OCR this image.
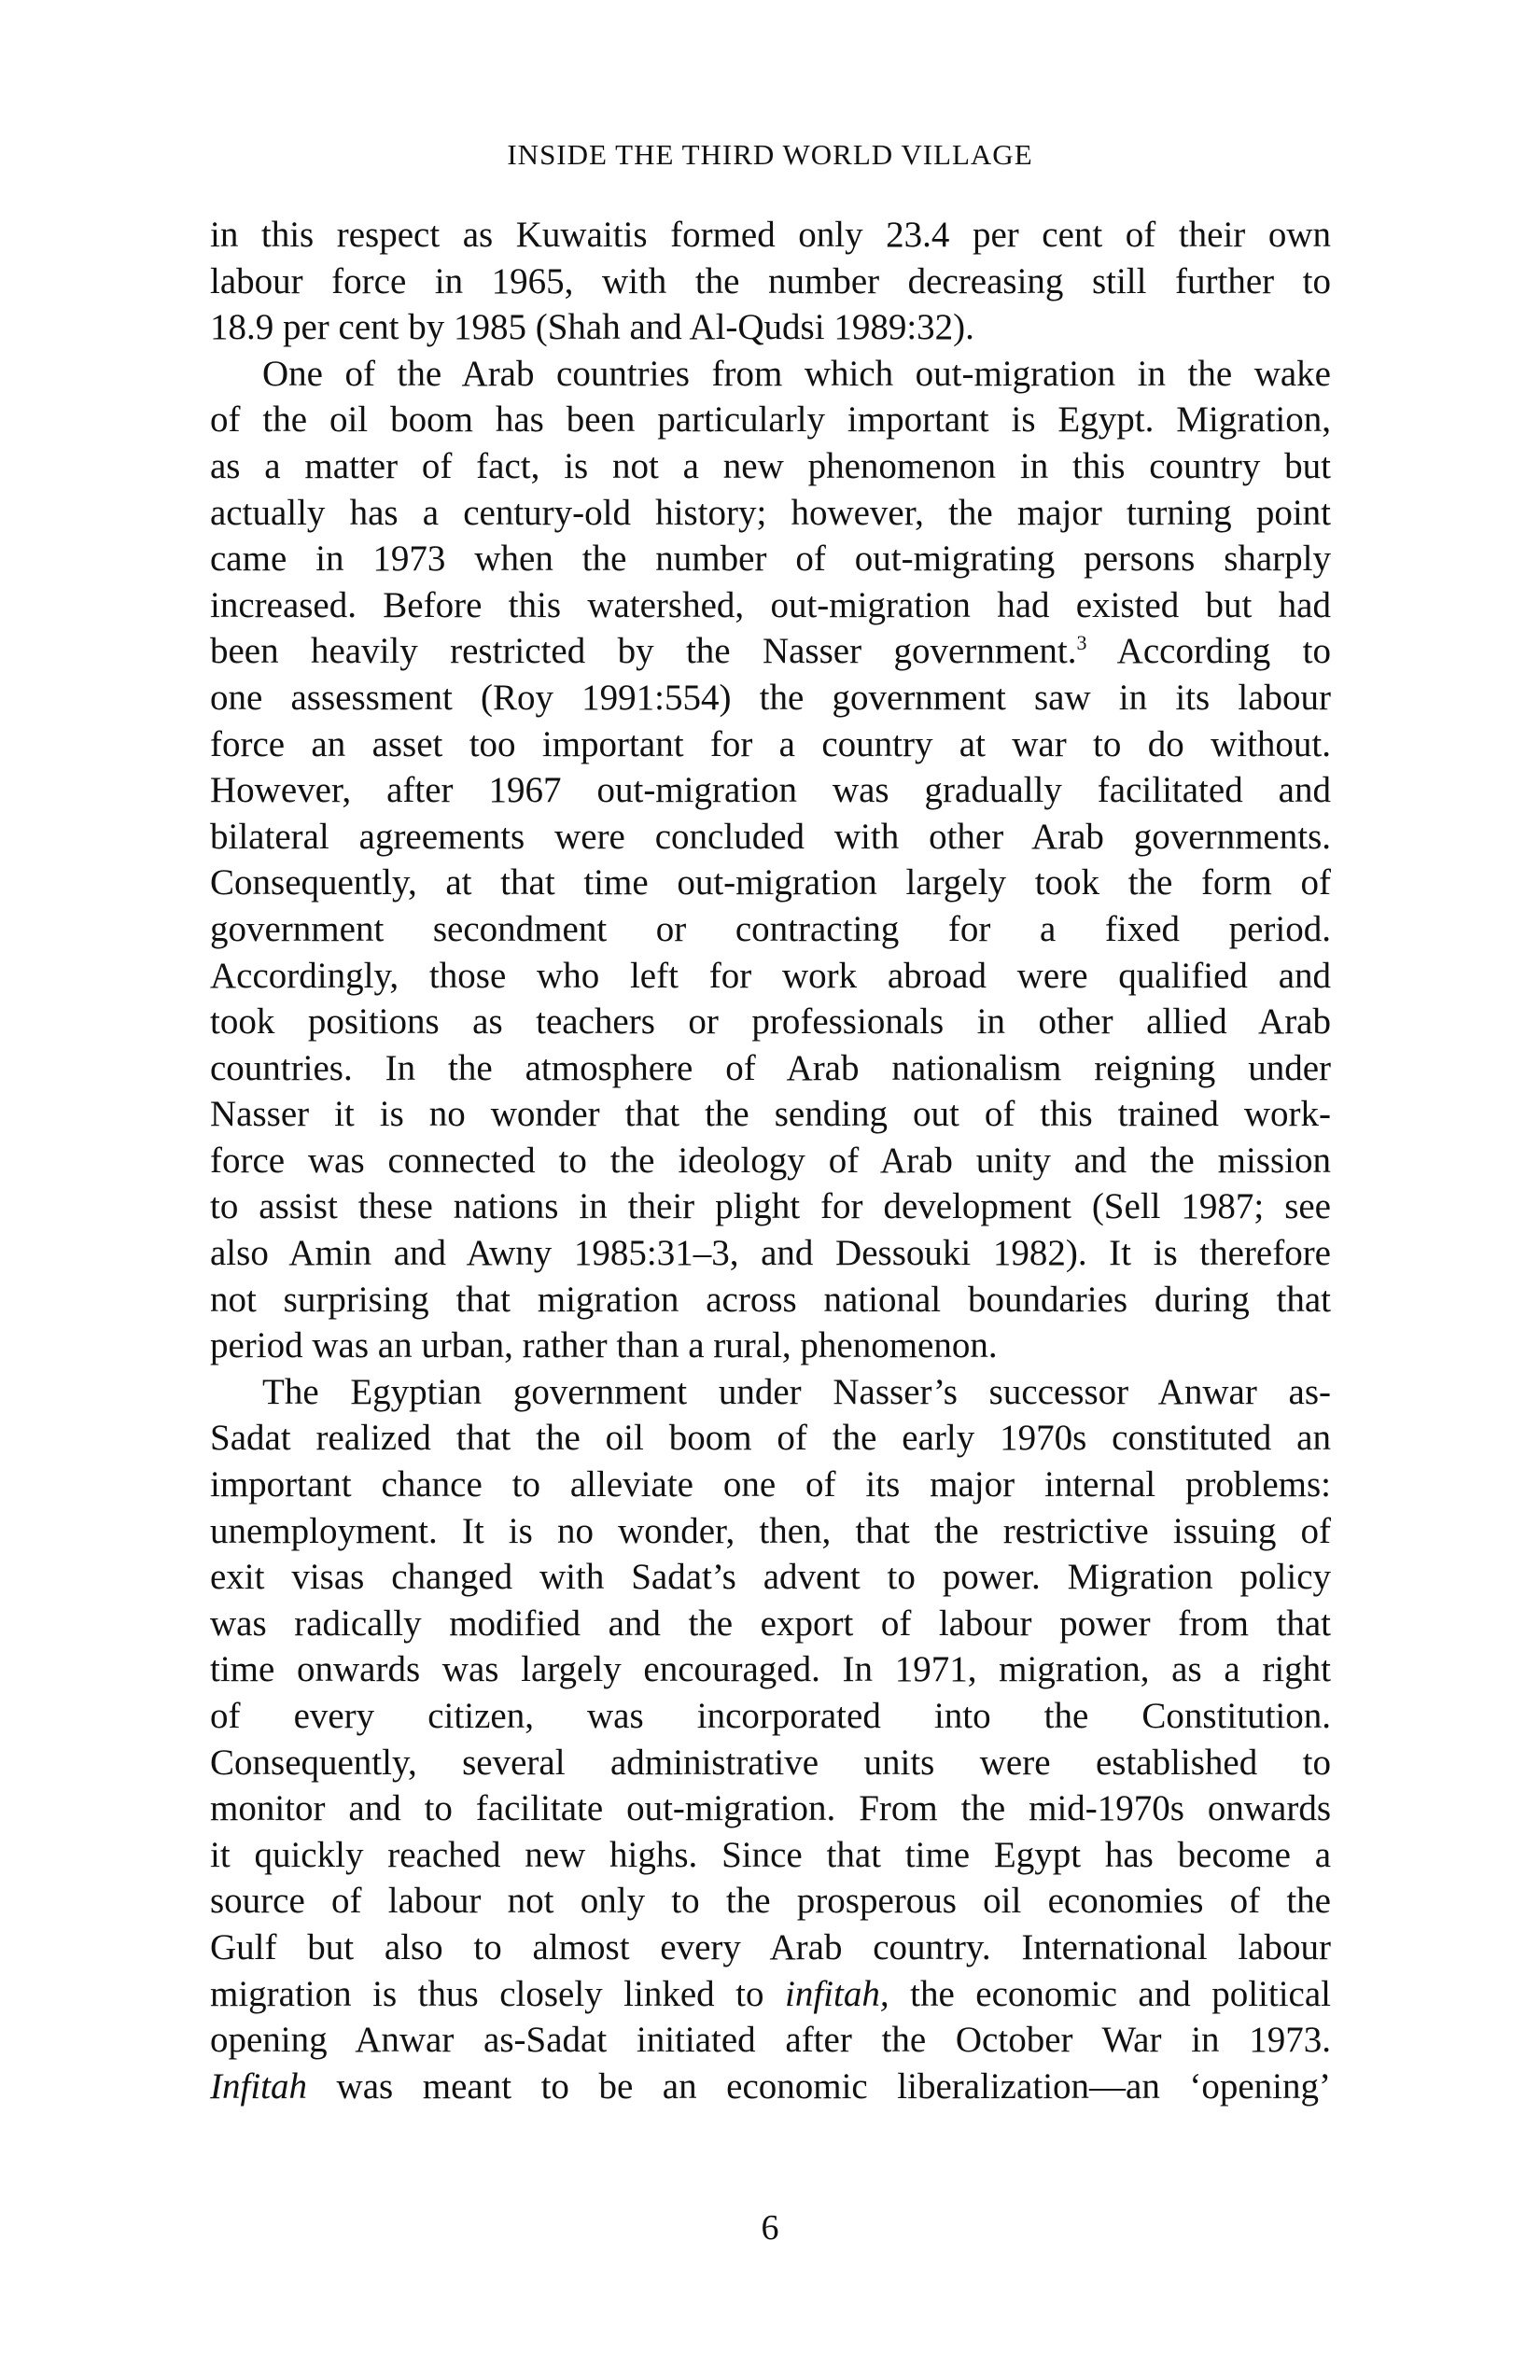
INSIDE THE THIRD WORLD VILLAGE
in this respect as Kuwaitis formed only 23.4 per cent of their own
labour force in 1965, with the number decreasing still further to
18.9 per cent by 1985 (Shah and Al-Qudsi 1989:32).
One of the Arab countries from which out-migration in the wake
of the oil boom has been particularly important is Egypt. Migration,
as a matter of fact, is not a new phenomenon in this country but
actually has a century-old history; however, the major turning point
came in 1973 when the number of out-migrating persons sharply
increased. Before this watershed, out-migration had existed but had
been heavily restricted by the Nasser government.$^3$ According to
one assessment (Roy 1991:554) the government saw in its labour
force an asset too important for a country at war to do without.
However, after 1967 out-migration was gradually facilitated and
bilateral agreements were concluded with other Arab governments.
Consequently, at that time out-migration largely took the form of
government secondment or contracting for a fixed period.
Accordingly, those who left for work abroad were qualified and
took positions as teachers or professionals in other allied Arab
countries. In the atmosphere of Arab nationalism reigning under
Nasser it is no wonder that the sending out of this trained work-
force was connected to the ideology of Arab unity and the mission
to assist these nations in their plight for development (Sell 1987; see
also Amin and Awny 1985:31–3, and Dessouki 1982). It is therefore
not surprising that migration across national boundaries during that
period was an urban, rather than a rural, phenomenon.
The Egyptian government under Nasser’s successor Anwar as-
Sadat realized that the oil boom of the early 1970s constituted an
important chance to alleviate one of its major internal problems:
unemployment. It is no wonder, then, that the restrictive issuing of
exit visas changed with Sadat’s advent to power. Migration policy
was radically modified and the export of labour power from that
time onwards was largely encouraged. In 1971, migration, as a right
of every citizen, was incorporated into the Constitution.
Consequently, several administrative units were established to
monitor and to facilitate out-migration. From the mid-1970s onwards
it quickly reached new highs. Since that time Egypt has become a
source of labour not only to the prosperous oil economies of the
Gulf but also to almost every Arab country. International labour
migration is thus closely linked to infitah, the economic and political
opening Anwar as-Sadat initiated after the October War in 1973.
Infitah was meant to be an economic liberalization—an ‘opening’
6
